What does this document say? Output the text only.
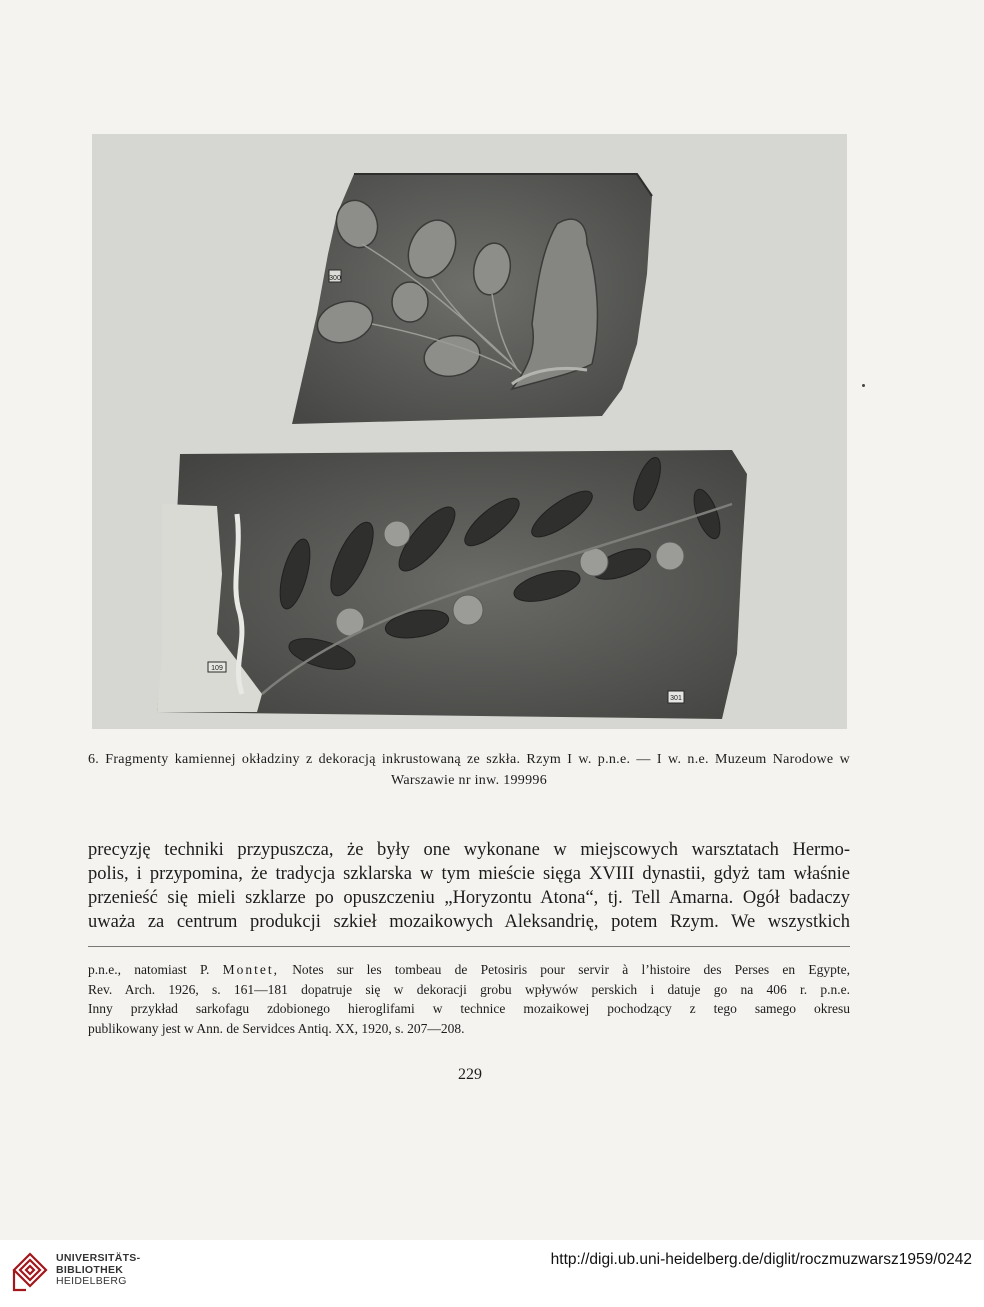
300
109
301
6. Fragmenty kamiennej okładziny z dekoracją inkrustowaną ze szkła. Rzym I w. p.n.e. — I w. n.e. Muzeum Narodowe w Warszawie nr inw. 199996
precyzję techniki przypuszcza, że były one wykonane w miejscowych warsztatach Hermo-
polis, i przypomina, że tradycja szklarska w tym mieście sięga XVIII dynastii, gdyż tam właśnie
przenieść się mieli szklarze po opuszczeniu „Horyzontu Atona“, tj. Tell Amarna. Ogół badaczy
uważa za centrum produkcji szkieł mozaikowych Aleksandrię, potem Rzym. We wszystkich
p.n.e., natomiast P. Montet, Notes sur les tombeau de Petosiris pour servir à l’histoire des Perses en Egypte,
Rev. Arch. 1926, s. 161—181 dopatruje się w dekoracji grobu wpływów perskich i datuje go na 406 r. p.n.e.
Inny przykład sarkofagu zdobionego hieroglifami w technice mozaikowej pochodzący z tego samego okresu
publikowany jest w Ann. de Servidces Antiq. XX, 1920, s. 207—208.
229
UNIVERSITÄTS-
BIBLIOTHEK
HEIDELBERG
http://digi.ub.uni-heidelberg.de/diglit/roczmuzwarsz1959/0242
